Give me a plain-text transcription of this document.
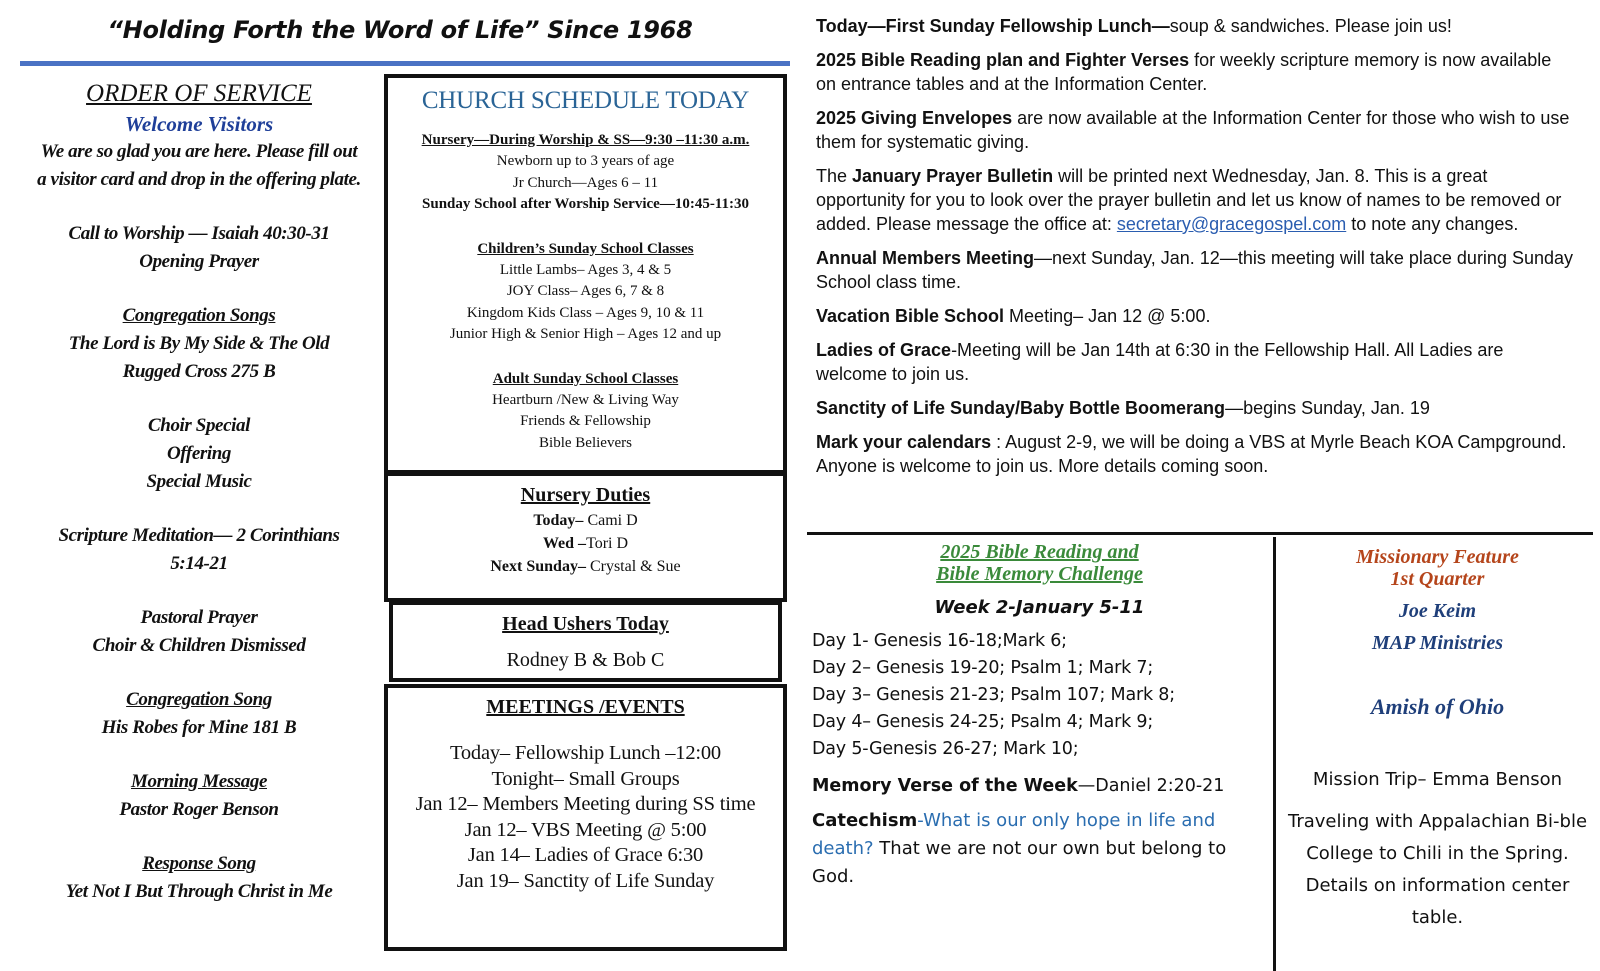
“Holding Forth the Word of Life” Since 1968
ORDER OF SERVICE
Welcome Visitors
We are so glad you are here. Please fill out
a visitor card and drop in the offering plate.
Call to Worship — Isaiah 40:30-31
Opening Prayer
Congregation Songs
The Lord is By My Side & The Old
Rugged Cross 275 B
Choir Special
Offering
Special Music
Scripture Meditation— 2 Corinthians
5:14-21
Pastoral Prayer
Choir & Children Dismissed
Congregation Song
His Robes for Mine 181 B
Morning Message
Pastor Roger Benson
Response Song
Yet Not I But Through Christ in Me
CHURCH SCHEDULE TODAY
Nursery—During Worship & SS—9:30 –11:30 a.m.
Newborn up to 3 years of age
Jr Church—Ages 6 – 11
Sunday School after Worship Service—10:45-11:30
Children’s Sunday School Classes
Little Lambs– Ages 3, 4 & 5
JOY Class– Ages 6, 7 & 8
Kingdom Kids Class – Ages 9, 10 & 11
Junior High & Senior High – Ages 12 and up
Adult Sunday School Classes
Heartburn /New & Living Way
Friends & Fellowship
Bible Believers
Nursery Duties
Today– Cami D
Wed –Tori D
Next Sunday– Crystal & Sue
Head Ushers Today
Rodney B & Bob C
MEETINGS /EVENTS
Today– Fellowship Lunch –12:00
Tonight– Small Groups
Jan 12– Members Meeting during SS time
Jan 12– VBS Meeting @ 5:00
Jan 14– Ladies of Grace 6:30
Jan 19– Sanctity of Life Sunday

Today—First Sunday Fellowship Lunch—soup & sandwiches. Please join us!

2025 Bible Reading plan and Fighter Verses for weekly scripture memory is now available on entrance tables and at the Information Center.

2025 Giving Envelopes are now available at the Information Center for those who wish to use them for systematic giving.

The January Prayer Bulletin will be printed next Wednesday, Jan. 8. This is a great opportunity for you to look over the prayer bulletin and let us know of names to be removed or added. Please message the office at: secretary@gracegospel.com to note any changes.

Annual Members Meeting—next Sunday, Jan. 12—this meeting will take place during Sunday School class time.

Vacation Bible School Meeting– Jan 12 @ 5:00.

Ladies of Grace-Meeting will be Jan 14th at 6:30 in the Fellowship Hall. All Ladies are welcome to join us.

Sanctity of Life Sunday/Baby Bottle Boomerang—begins Sunday, Jan. 19

Mark your calendars : August 2-9, we will be doing a VBS at Myrle Beach KOA Campground. Anyone is welcome to join us. More details coming soon.

2025 Bible Reading and
Bible Memory Challenge
Week 2-January 5-11
Day 1- Genesis 16-18;Mark 6;
Day 2– Genesis 19-20; Psalm 1; Mark 7;
Day 3– Genesis 21-23; Psalm 107; Mark 8;
Day 4– Genesis 24-25; Psalm 4; Mark 9;
Day 5-Genesis 26-27; Mark 10;
Memory Verse of the Week—Daniel 2:20-21
Catechism-What is our only hope in life and death? That we are not our own but belong to God.
Missionary Feature
1st Quarter
Joe Keim
MAP Ministries
Amish of Ohio
Mission Trip– Emma Benson
Traveling with Appalachian Bi-ble College to Chili in the Spring. Details on information center table.
